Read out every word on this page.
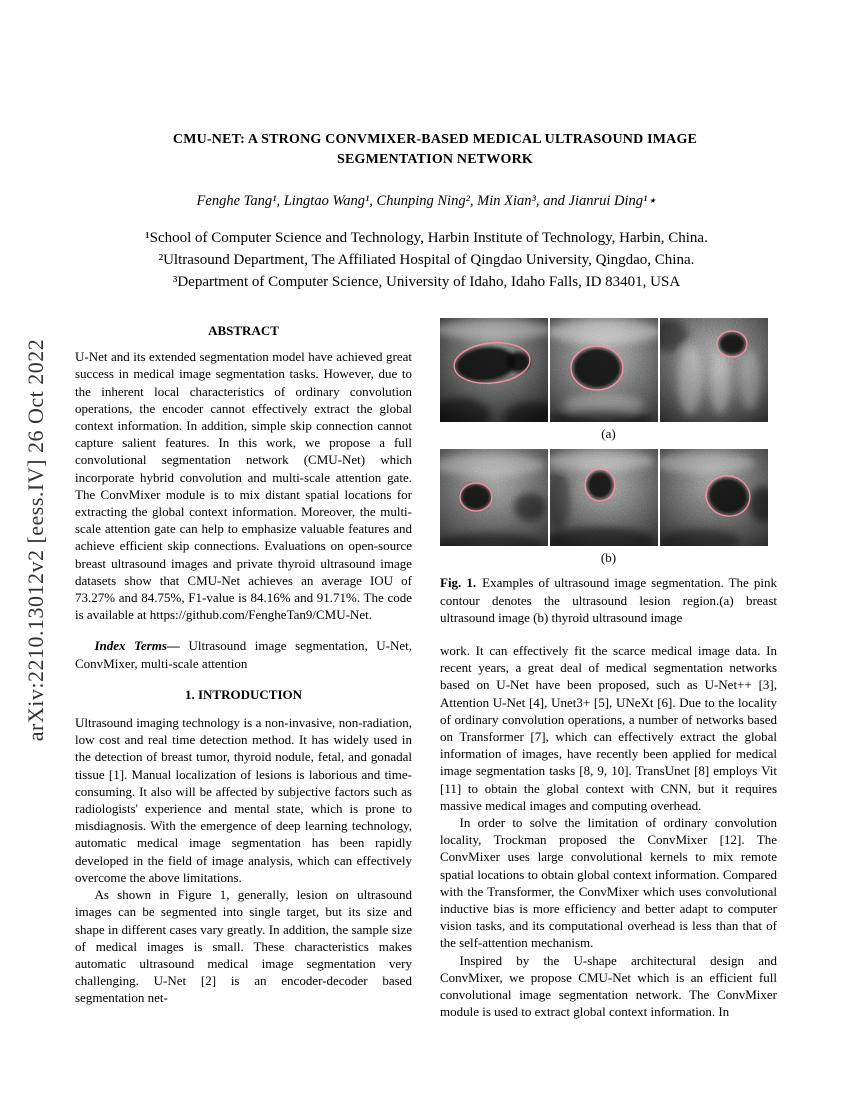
arXiv:2210.13012v2 [eess.IV] 26 Oct 2022
CMU-NET: A STRONG CONVMIXER-BASED MEDICAL ULTRASOUND IMAGE
SEGMENTATION NETWORK
Fenghe Tang¹, Lingtao Wang¹, Chunping Ning², Min Xian³, and Jianrui Ding¹⋆

¹School of Computer Science and Technology, Harbin Institute of Technology, Harbin, China.

²Ultrasound Department, The Affiliated Hospital of Qingdao University, Qingdao, China.

³Department of Computer Science, University of Idaho, Idaho Falls, ID 83401, USA

ABSTRACT

U-Net and its extended segmentation model have achieved great success in medical image segmentation tasks. However, due to the inherent local characteristics of ordinary convolution operations, the encoder cannot effectively extract the global context information. In addition, simple skip connection cannot capture salient features. In this work, we propose a full convolutional segmentation network (CMU-Net) which incorporate hybrid convolution and multi-scale attention gate. The ConvMixer module is to mix distant spatial locations for extracting the global context information. Moreover, the multi-scale attention gate can help to emphasize valuable features and achieve efficient skip connections. Evaluations on open-source breast ultrasound images and private thyroid ultrasound image datasets show that CMU-Net achieves an average IOU of 73.27% and 84.75%, F1-value is 84.16% and 91.71%. The code is available at https://github.com/FengheTan9/CMU-Net.

Index Terms— Ultrasound image segmentation, U-Net, ConvMixer, multi-scale attention

1. INTRODUCTION

Ultrasound imaging technology is a non-invasive, non-radiation, low cost and real time detection method. It has widely used in the detection of breast tumor, thyroid nodule, fetal, and gonadal tissue [1]. Manual localization of lesions is laborious and time-consuming. It also will be affected by subjective factors such as radiologists' experience and mental state, which is prone to misdiagnosis. With the emergence of deep learning technology, automatic medical image segmentation has been rapidly developed in the field of image analysis, which can effectively overcome the above limitations.

As shown in Figure 1, generally, lesion on ultrasound images can be segmented into single target, but its size and shape in different cases vary greatly. In addition, the sample size of medical images is small. These characteristics makes automatic ultrasound medical image segmentation very challenging. U-Net [2] is an encoder-decoder based segmentation net-

(a)
(b)
Fig. 1. Examples of ultrasound image segmentation. The pink contour denotes the ultrasound lesion region.(a) breast ultrasound image (b) thyroid ultrasound image

work. It can effectively fit the scarce medical image data. In recent years, a great deal of medical segmentation networks based on U-Net have been proposed, such as U-Net++ [3], Attention U-Net [4], Unet3+ [5], UNeXt [6]. Due to the locality of ordinary convolution operations, a number of networks based on Transformer [7], which can effectively extract the global information of images, have recently been applied for medical image segmentation tasks [8, 9, 10]. TransUnet [8] employs Vit [11] to obtain the global context with CNN, but it requires massive medical images and computing overhead.

In order to solve the limitation of ordinary convolution locality, Trockman proposed the ConvMixer [12]. The ConvMixer uses large convolutional kernels to mix remote spatial locations to obtain global context information. Compared with the Transformer, the ConvMixer which uses convolutional inductive bias is more efficiency and better adapt to computer vision tasks, and its computational overhead is less than that of the self-attention mechanism.

Inspired by the U-shape architectural design and ConvMixer, we propose CMU-Net which is an efficient full convolutional image segmentation network. The ConvMixer module is used to extract global context information. In
